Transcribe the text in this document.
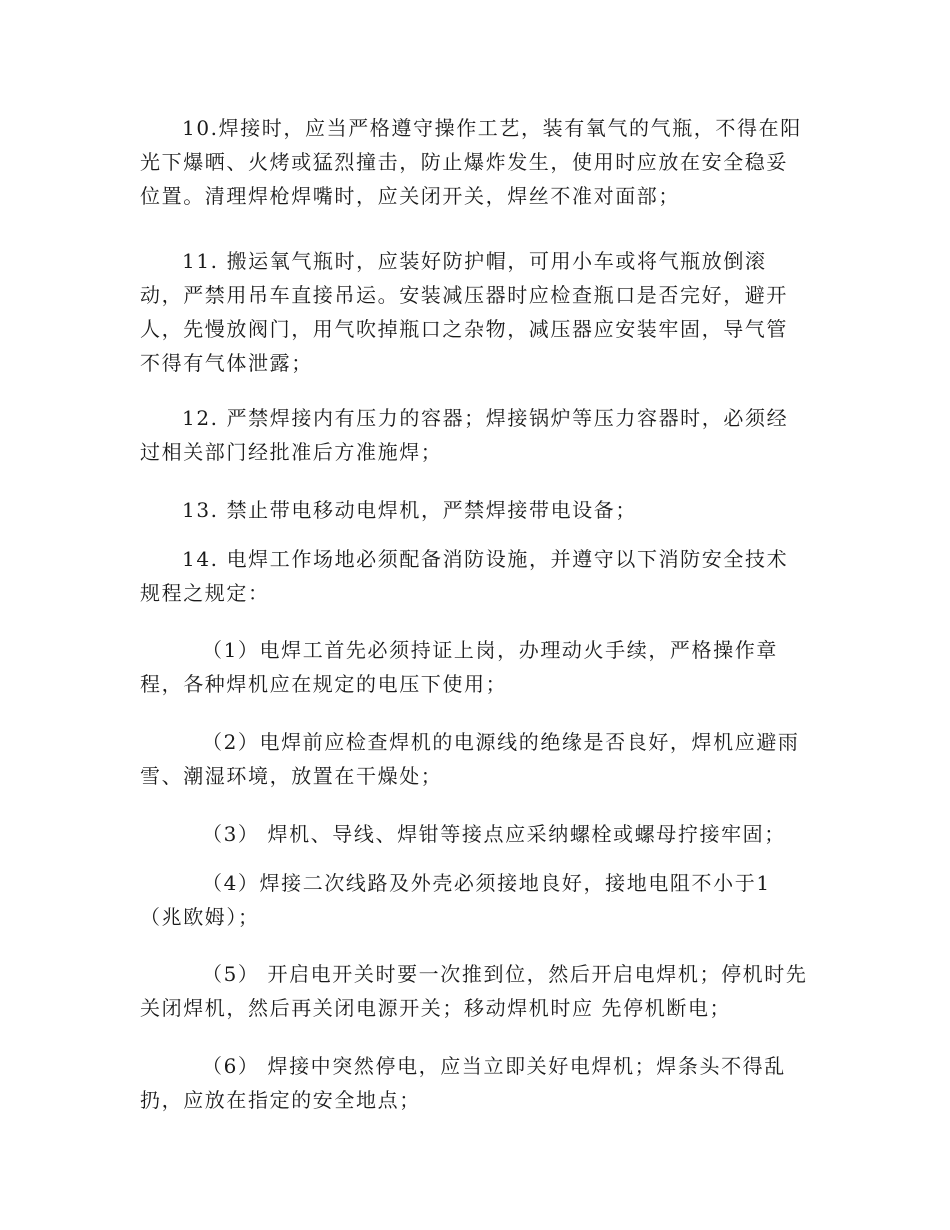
10.焊接时，应当严格遵守操作工艺，装有氧气的气瓶，不得在阳
光下爆晒、火烤或猛烈撞击，防止爆炸发生，使用时应放在安全稳妥
位置。清理焊枪焊嘴时，应关闭开关，焊丝不准对面部；
11. 搬运氧气瓶时，应装好防护帽，可用小车或将气瓶放倒滚
动，严禁用吊车直接吊运。安装减压器时应检查瓶口是否完好，避开
人，先慢放阀门，用气吹掉瓶口之杂物，减压器应安装牢固，导气管
不得有气体泄露；
12. 严禁焊接内有压力的容器；焊接锅炉等压力容器时，必须经
过相关部门经批准后方准施焊；
13. 禁止带电移动电焊机，严禁焊接带电设备；
14. 电焊工作场地必须配备消防设施，并遵守以下消防安全技术
规程之规定：
（1）电焊工首先必须持证上岗，办理动火手续，严格操作章
程，各种焊机应在规定的电压下使用；
（2）电焊前应检查焊机的电源线的绝缘是否良好，焊机应避雨
雪、潮湿环境，放置在干燥处；
（3） 焊机、导线、焊钳等接点应采纳螺栓或螺母拧接牢固；
（4）焊接二次线路及外壳必须接地良好，接地电阻不小于1
（兆欧姆）；
（5） 开启电开关时要一次推到位，然后开启电焊机；停机时先
关闭焊机，然后再关闭电源开关；移动焊机时应 先停机断电；
（6） 焊接中突然停电，应当立即关好电焊机；焊条头不得乱
扔，应放在指定的安全地点；
